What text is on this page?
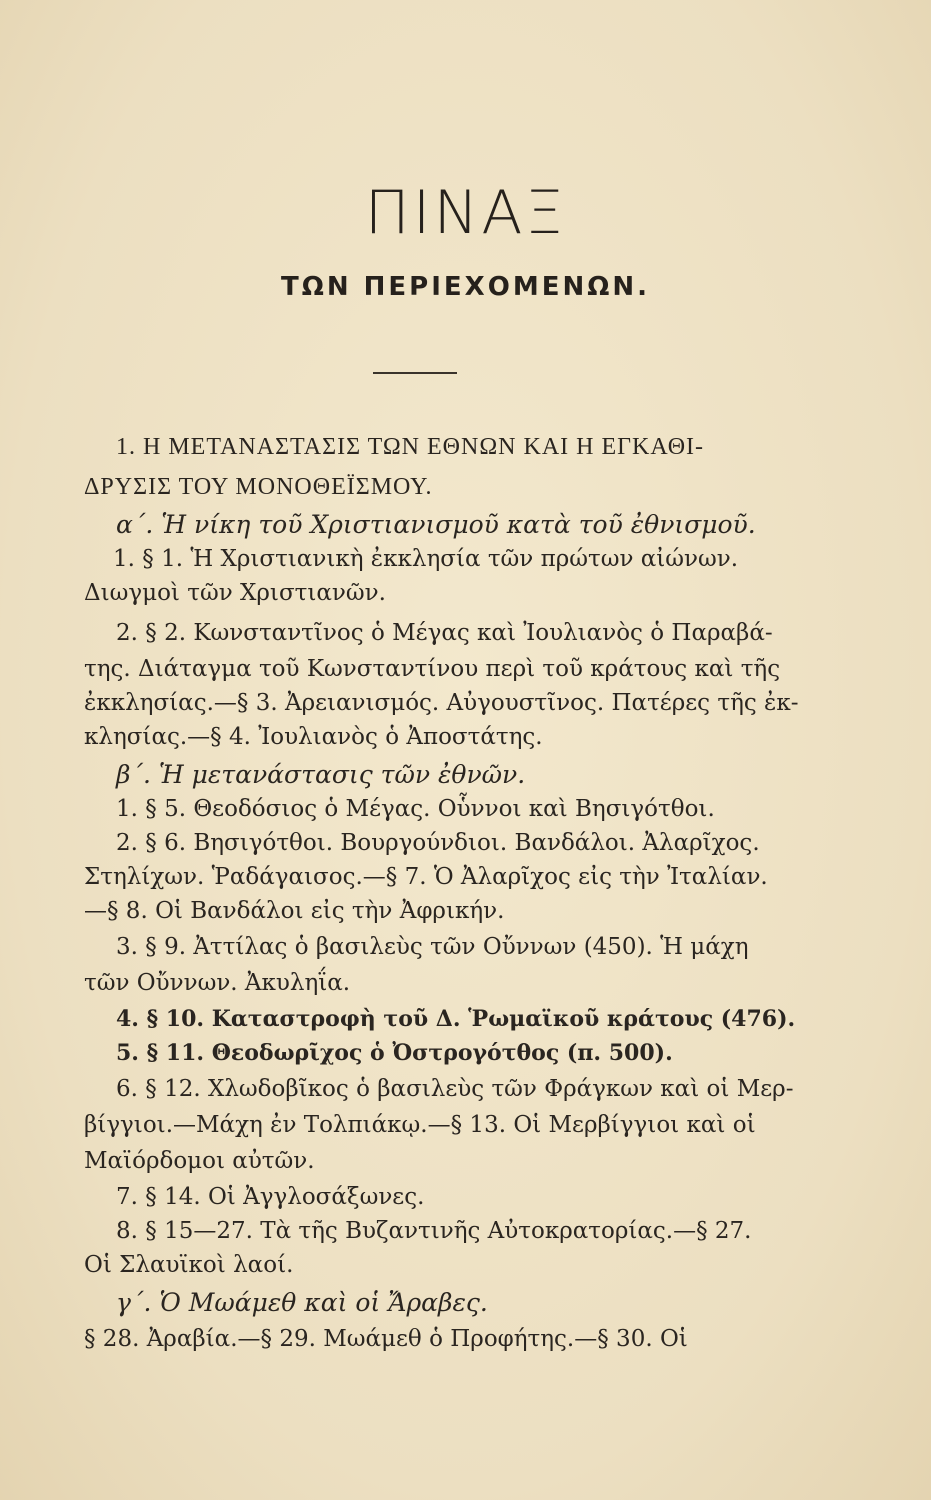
ΠΙΝΑΞ
ΤΩΝ ΠΕΡΙΕΧΟΜΕΝΩΝ.
1. Η ΜΕΤΑΝΑΣΤΑΣΙΣ ΤΩΝ ΕΘΝΩΝ ΚΑΙ Η ΕΓΚΑΘΙ-
ΔΡΥΣΙΣ ΤΟΥ ΜΟΝΟΘΕΪΣΜΟΥ.
α΄. Ἡ νίκη τοῦ Χριστιανισμοῦ κατὰ τοῦ ἐθνισμοῦ.
1. § 1. Ἡ Χριστιανικὴ ἐκκλησία τῶν πρώτων αἰώνων.
Διωγμοὶ τῶν Χριστιανῶν.
2. § 2. Κωνσταντῖνος ὁ Μέγας καὶ Ἰουλιανὸς ὁ Παραβά-
της. Διάταγμα τοῦ Κωνσταντίνου περὶ τοῦ κράτους καὶ τῆς
ἐκκλησίας.—§ 3. Ἀρειανισμός. Αὐγουστῖνος. Πατέρες τῆς ἐκ-
κλησίας.—§ 4. Ἰουλιανὸς ὁ Ἀποστάτης.
β΄. Ἡ μετανάστασις τῶν ἐθνῶν.
1. § 5. Θεοδόσιος ὁ Μέγας. Οὗννοι καὶ Βησιγότθοι.
2. § 6. Βησιγότθοι. Βουργούνδιοι. Βανδάλοι. Ἀλαρῖχος.
Στηλίχων. Ῥαδάγαισος.—§ 7. Ὁ Ἀλαρῖχος εἰς τὴν Ἰταλίαν.
—§ 8. Οἱ Βανδάλοι εἰς τὴν Ἀφρικήν.
3. § 9. Ἀττίλας ὁ βασιλεὺς τῶν Οὔννων (450). Ἡ μάχη
τῶν Οὔννων. Ἀκυληΐα.
4. § 10. Καταστροφὴ τοῦ Δ. Ῥωμαϊκοῦ κράτους (476).
5. § 11. Θεοδωρῖχος ὁ Ὀστρογότθος (π. 500).
6. § 12. Χλωδοβῖκος ὁ βασιλεὺς τῶν Φράγκων καὶ οἱ Μερ-
βίγγιοι.—Μάχη ἐν Τολπιάκῳ.—§ 13. Οἱ Μερβίγγιοι καὶ οἱ
Μαϊόρδομοι αὐτῶν.
7. § 14. Οἱ Ἀγγλοσάξωνες.
8. § 15—27. Τὰ τῆς Βυζαντινῆς Αὐτοκρατορίας.—§ 27.
Οἱ Σλαυϊκοὶ λαοί.
γ΄. Ὁ Μωάμεθ καὶ οἱ Ἄραβες.
§ 28. Ἀραβία.—§ 29. Μωάμεθ ὁ Προφήτης.—§ 30. Οἱ
